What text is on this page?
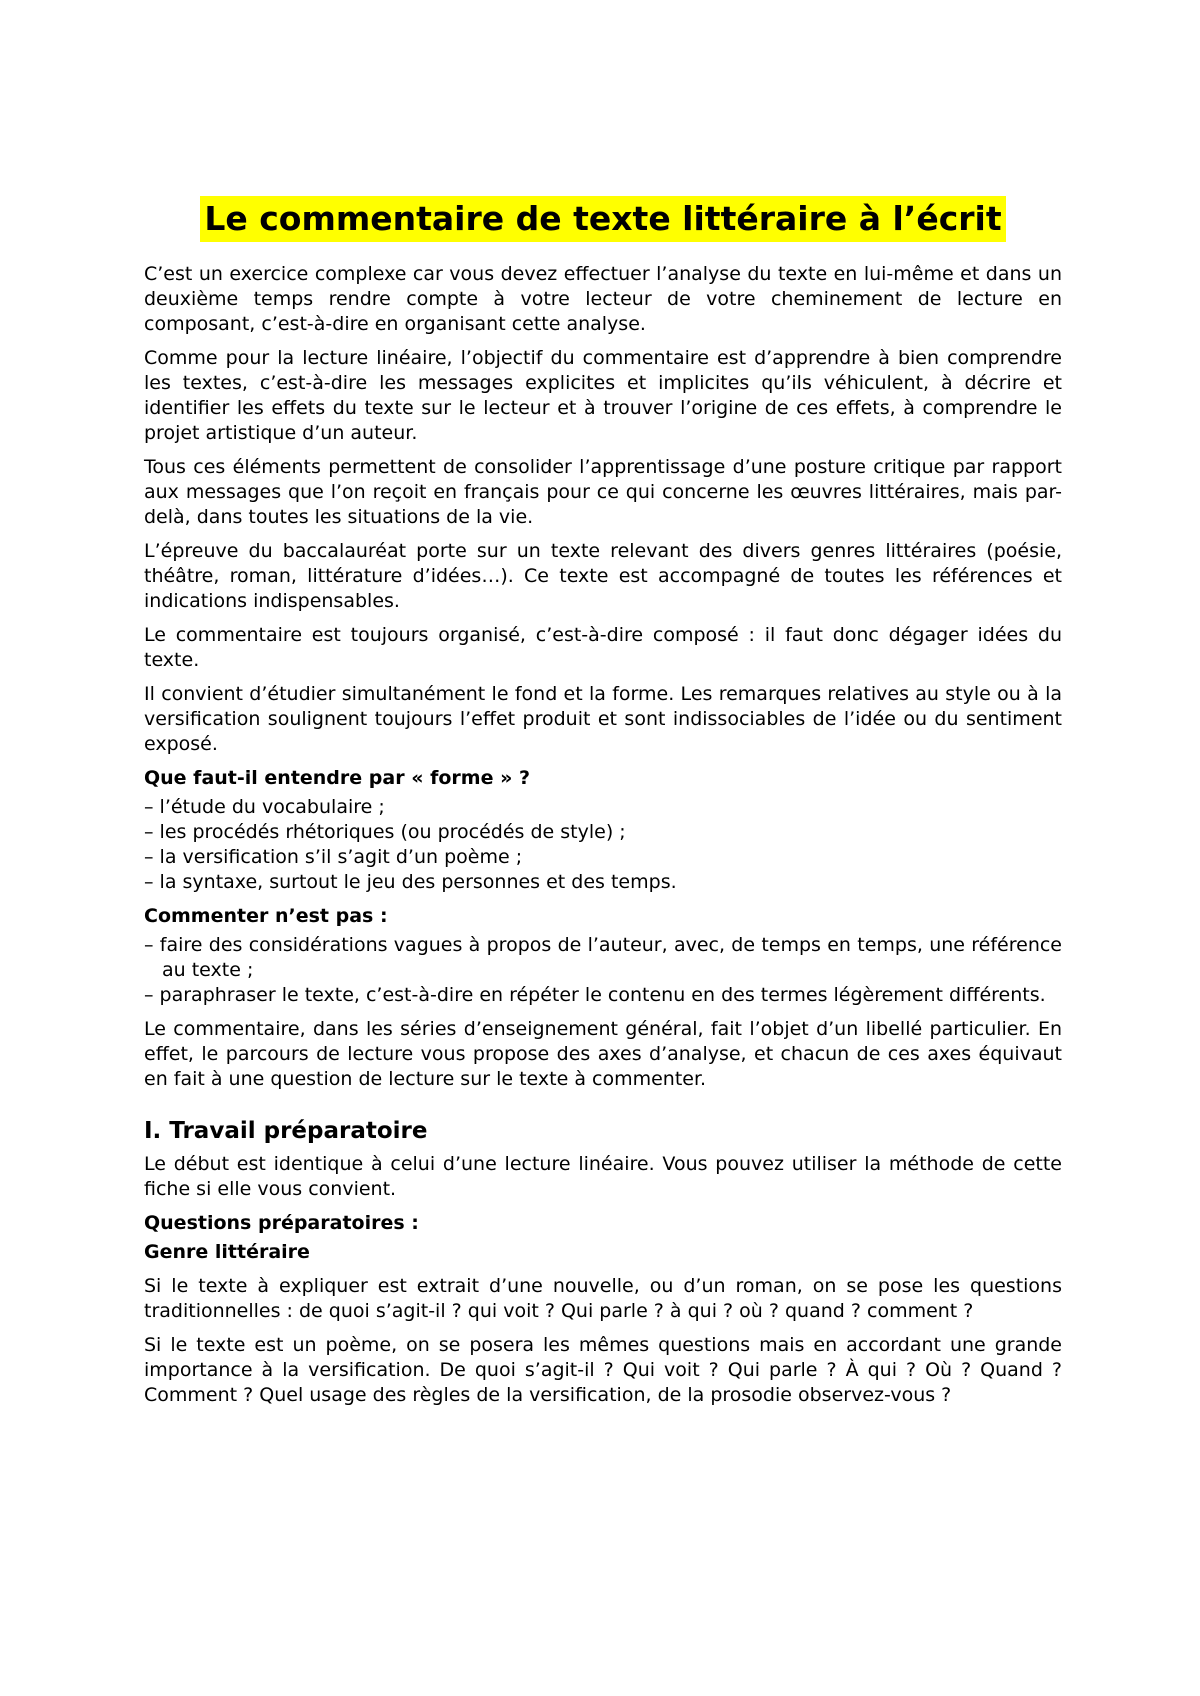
Le commentaire de texte littéraire à l’écrit

C’est un exercice complexe car vous devez effectuer l’analyse du texte en lui-même et dans un deuxième temps rendre compte à votre lecteur de votre cheminement de lecture en composant, c’est-à-dire en organisant cette analyse.

Comme pour la lecture linéaire, l’objectif du commentaire est d’apprendre à bien comprendre les textes, c’est-à-dire les messages explicites et implicites qu’ils véhiculent, à décrire et identifier les effets du texte sur le lecteur et à trouver l’origine de ces effets, à comprendre le projet artistique d’un auteur.

Tous ces éléments permettent de consolider l’apprentissage d’une posture critique par rapport aux messages que l’on reçoit en français pour ce qui concerne les œuvres littéraires, mais par-delà, dans toutes les situations de la vie.

L’épreuve du baccalauréat porte sur un texte relevant des divers genres littéraires (poésie, théâtre, roman, littérature d’idées…). Ce texte est accompagné de toutes les références et indications indispensables.

Le commentaire est toujours organisé, c’est-à-dire composé : il faut donc dégager idées du texte.

Il convient d’étudier simultanément le fond et la forme. Les remarques relatives au style ou à la versification soulignent toujours l’effet produit et sont indissociables de l’idée ou du sentiment exposé.

Que faut-il entendre par « forme » ?
– l’étude du vocabulaire ;
– les procédés rhétoriques (ou procédés de style) ;
– la versification s’il s’agit d’un poème ;
– la syntaxe, surtout le jeu des personnes et des temps.
Commenter n’est pas :
– faire des considérations vagues à propos de l’auteur, avec, de temps en temps, une référence au texte ;
– paraphraser le texte, c’est-à-dire en répéter le contenu en des termes légèrement différents.

Le commentaire, dans les séries d’enseignement général, fait l’objet d’un libellé particulier. En effet, le parcours de lecture vous propose des axes d’analyse, et chacun de ces axes équivaut en fait à une question de lecture sur le texte à commenter.

I. Travail préparatoire

Le début est identique à celui d’une lecture linéaire. Vous pouvez utiliser la méthode de cette fiche si elle vous convient.

Questions préparatoires :
Genre littéraire

Si le texte à expliquer est extrait d’une nouvelle, ou d’un roman, on se pose les questions traditionnelles : de quoi s’agit-il ? qui voit ? Qui parle ? à qui ? où ? quand ? comment ?

Si le texte est un poème, on se posera les mêmes questions mais en accordant une grande importance à la versification. De quoi s’agit-il ? Qui voit ? Qui parle ? À qui ? Où ? Quand ? Comment ? Quel usage des règles de la versification, de la prosodie observez-vous ?
